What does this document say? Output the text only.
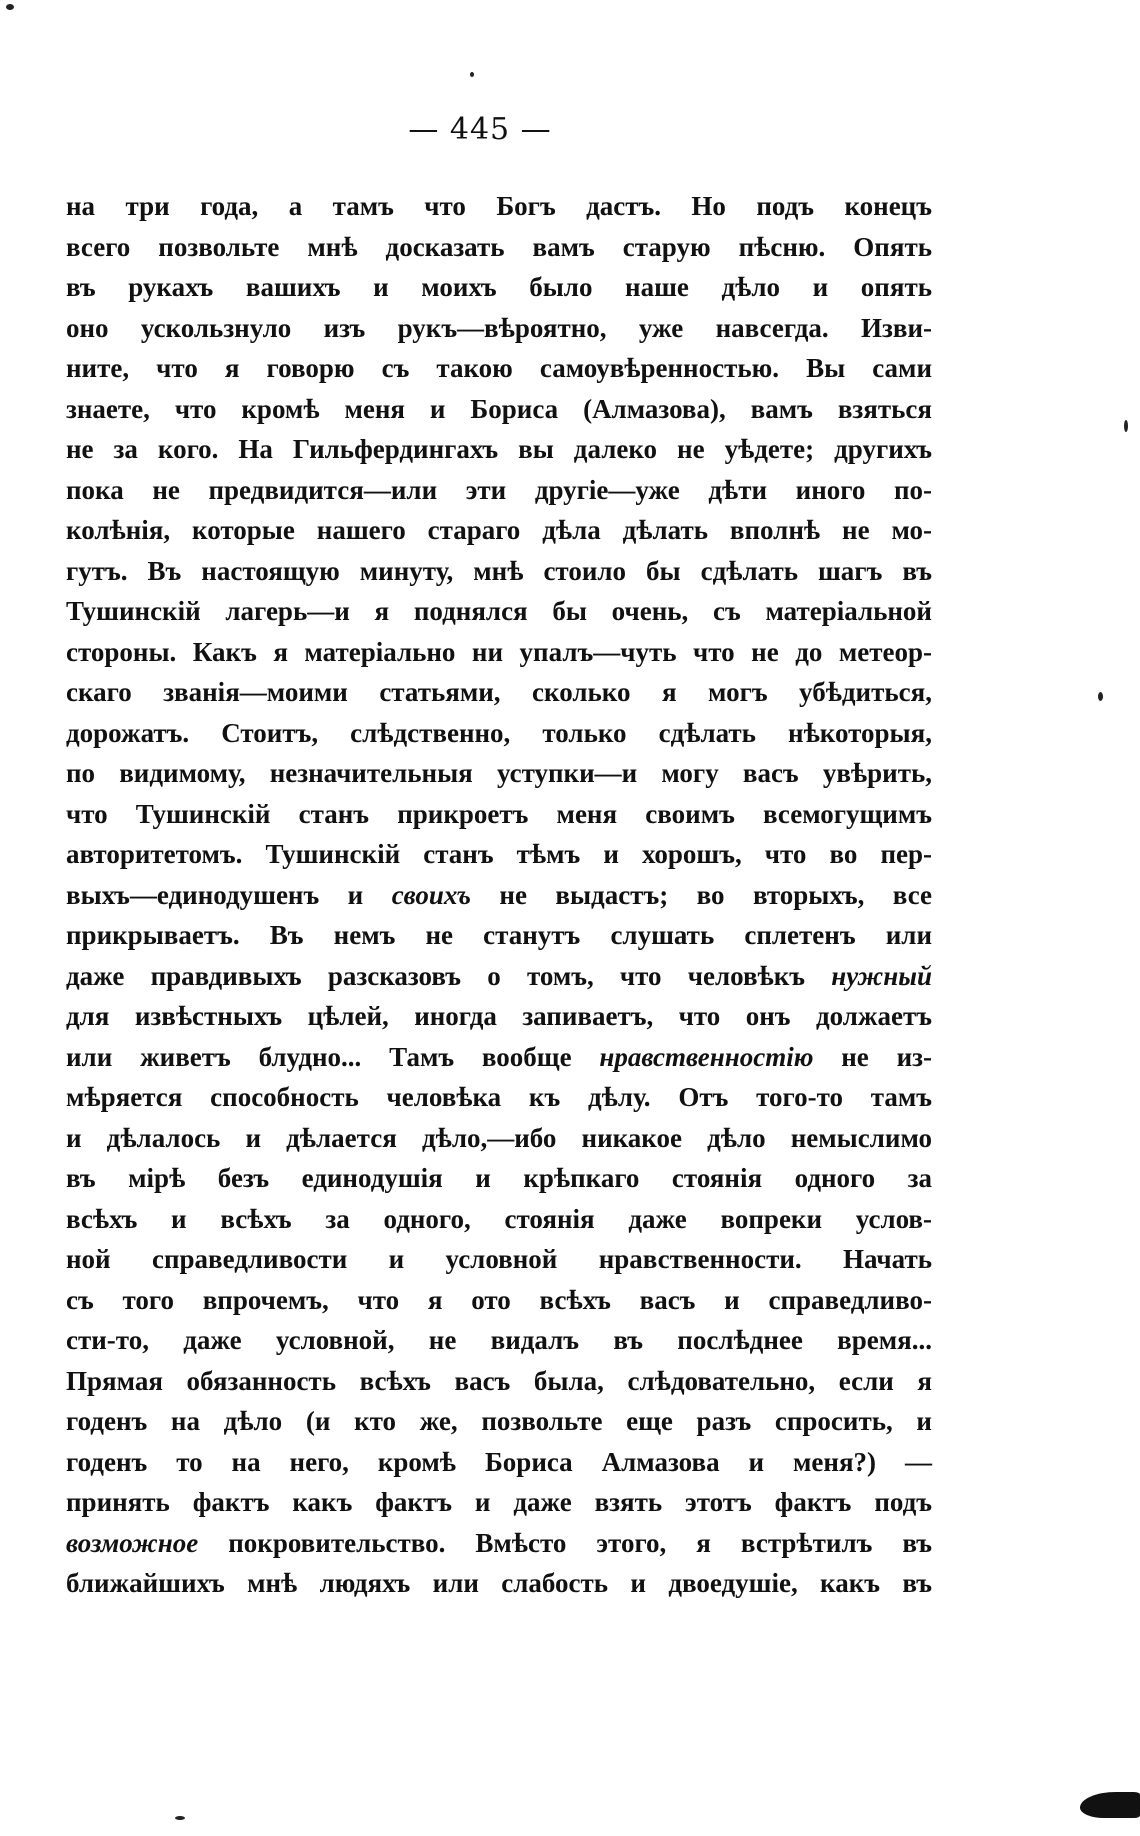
— 445 —
на три года, а тамъ что Богъ дастъ. Но подъ конецъ
всего позвольте мнѣ досказать вамъ старую пѣсню. Опять
въ рукахъ вашихъ и моихъ было наше дѣло и опять
оно ускользнуло изъ рукъ—вѣроятно, уже навсегда. Изви-
ните, что я говорю съ такою самоувѣренностью. Вы сами
знаете, что кромѣ меня и Бориса (Алмазова), вамъ взяться
не за кого. На Гильфердингахъ вы далеко не уѣдете; другихъ
пока не предвидится—или эти другіе—уже дѣти иного по-
колѣнія, которые нашего стараго дѣла дѣлать вполнѣ не мо-
гутъ. Въ настоящую минуту, мнѣ стоило бы сдѣлать шагъ въ
Тушинскій лагерь—и я поднялся бы очень, съ матеріальной
стороны. Какъ я матеріально ни упалъ—чуть что не до метеор-
скаго званія—моими статьями, сколько я могъ убѣдиться,
дорожатъ. Стоитъ, слѣдственно, только сдѣлать нѣкоторыя,
по видимому, незначительныя уступки—и могу васъ увѣрить,
что Тушинскій станъ прикроетъ меня своимъ всемогущимъ
авторитетомъ. Тушинскій станъ тѣмъ и хорошъ, что во пер-
выхъ—единодушенъ и своихъ не выдастъ; во вторыхъ, все
прикрываетъ. Въ немъ не станутъ слушать сплетенъ или
даже правдивыхъ разсказовъ о томъ, что человѣкъ нужный
для извѣстныхъ цѣлей, иногда запиваетъ, что онъ должаетъ
или живетъ блудно... Тамъ вообще нравственностію не из-
мѣряется способность человѣка къ дѣлу. Отъ того-то тамъ
и дѣлалось и дѣлается дѣло,—ибо никакое дѣло немыслимо
въ мірѣ безъ единодушія и крѣпкаго стоянія одного за
всѣхъ и всѣхъ за одного, стоянія даже вопреки услов-
ной справедливости и условной нравственности. Начать
съ того впрочемъ, что я ото всѣхъ васъ и справедливо-
сти-то, даже условной, не видалъ въ послѣднее время...
Прямая обязанность всѣхъ васъ была, слѣдовательно, если я
годенъ на дѣло (и кто же, позвольте еще разъ спросить, и
годенъ то на него, кромѣ Бориса Алмазова и меня?) —
принять фактъ какъ фактъ и даже взять этотъ фактъ подъ
возможное покровительство. Вмѣсто этого, я встрѣтилъ въ
ближайшихъ мнѣ людяхъ или слабость и двоедушіе, какъ въ
